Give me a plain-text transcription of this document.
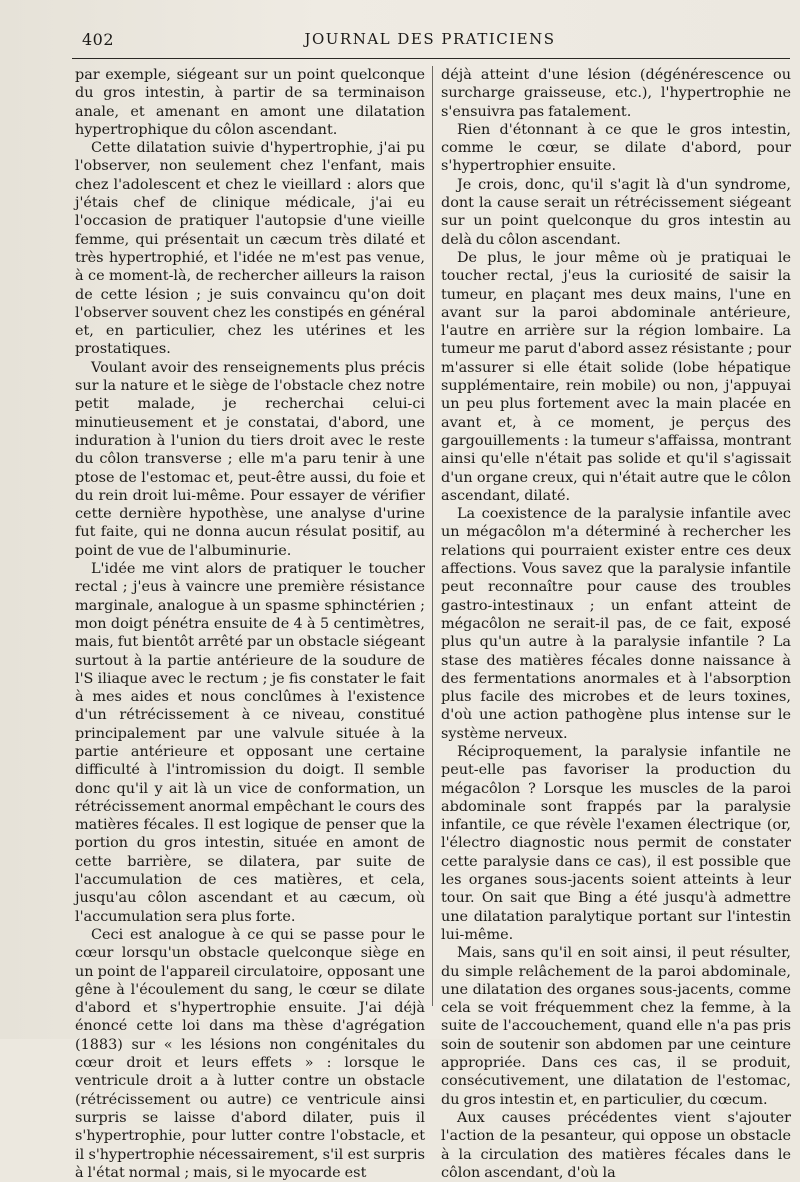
402	JOURNAL DES PRATICIENS

par exemple, siégeant sur un point quelconque du gros intestin, à partir de sa terminaison anale, et amenant en amont une dilatation hypertrophique du côlon ascendant.

Cette dilatation suivie d'hypertrophie, j'ai pu l'observer, non seulement chez l'enfant, mais chez l'adolescent et chez le vieillard : alors que j'étais chef de clinique médicale, j'ai eu l'occasion de pratiquer l'autopsie d'une vieille femme, qui présentait un cæcum très dilaté et très hypertrophié, et l'idée ne m'est pas venue, à ce moment-là, de rechercher ailleurs la raison de cette lésion ; je suis convaincu qu'on doit l'observer souvent chez les constipés en général et, en particulier, chez les utérines et les prostatiques.

Voulant avoir des renseignements plus précis sur la nature et le siège de l'obstacle chez notre petit malade, je recherchai celui-ci minutieusement et je constatai, d'abord, une induration à l'union du tiers droit avec le reste du côlon transverse ; elle m'a paru tenir à une ptose de l'estomac et, peut-être aussi, du foie et du rein droit lui-même. Pour essayer de vérifier cette dernière hypothèse, une analyse d'urine fut faite, qui ne donna aucun résulat positif, au point de vue de l'albuminurie.

L'idée me vint alors de pratiquer le toucher rectal ; j'eus à vaincre une première résistance marginale, analogue à un spasme sphinctérien ; mon doigt pénétra ensuite de 4 à 5 centimètres, mais, fut bientôt arrêté par un obstacle siégeant surtout à la partie antérieure de la soudure de l'S iliaque avec le rectum ; je fis constater le fait à mes aides et nous conclûmes à l'existence d'un rétrécissement à ce niveau, constitué principalement par une valvule située à la partie antérieure et opposant une certaine difficulté à l'intromission du doigt. Il semble donc qu'il y ait là un vice de conformation, un rétrécissement anormal empêchant le cours des matières fécales. Il est logique de penser que la portion du gros intestin, située en amont de cette barrière, se dilatera, par suite de l'accumulation de ces matières, et cela, jusqu'au côlon ascendant et au cæcum, où l'accumulation sera plus forte.

Ceci est analogue à ce qui se passe pour le cœur lorsqu'un obstacle quelconque siège en un point de l'appareil circulatoire, opposant une gêne à l'écoulement du sang, le cœur se dilate d'abord et s'hypertrophie ensuite. J'ai déjà énoncé cette loi dans ma thèse d'agrégation (1883) sur « les lésions non congénitales du cœur droit et leurs effets » : lorsque le ventricule droit a à lutter contre un obstacle (rétrécissement ou autre) ce ventricule ainsi surpris se laisse d'abord dilater, puis il s'hypertrophie, pour lutter contre l'obstacle, et il s'hypertrophie nécessairement, s'il est surpris à l'état normal ; mais, si le myocarde est

déjà atteint d'une lésion (dégénérescence ou surcharge graisseuse, etc.), l'hypertrophie ne s'ensuivra pas fatalement.

Rien d'étonnant à ce que le gros intestin, comme le cœur, se dilate d'abord, pour s'hypertrophier ensuite.

Je crois, donc, qu'il s'agit là d'un syndrome, dont la cause serait un rétrécissement siégeant sur un point quelconque du gros intestin au delà du côlon ascendant.

De plus, le jour même où je pratiquai le toucher rectal, j'eus la curiosité de saisir la tumeur, en plaçant mes deux mains, l'une en avant sur la paroi abdominale antérieure, l'autre en arrière sur la région lombaire. La tumeur me parut d'abord assez résistante ; pour m'assurer si elle était solide (lobe hépatique supplémentaire, rein mobile) ou non, j'appuyai un peu plus fortement avec la main placée en avant et, à ce moment, je perçus des gargouillements : la tumeur s'affaissa, montrant ainsi qu'elle n'était pas solide et qu'il s'agissait d'un organe creux, qui n'était autre que le côlon ascendant, dilaté.

La coexistence de la paralysie infantile avec un mégacôlon m'a déterminé à rechercher les relations qui pourraient exister entre ces deux affections. Vous savez que la paralysie infantile peut reconnaître pour cause des troubles gastro-intestinaux ; un enfant atteint de mégacôlon ne serait-il pas, de ce fait, exposé plus qu'un autre à la paralysie infantile ? La stase des matières fécales donne naissance à des fermentations anormales et à l'absorption plus facile des microbes et de leurs toxines, d'où une action pathogène plus intense sur le système nerveux.

Réciproquement, la paralysie infantile ne peut-elle pas favoriser la production du mégacôlon ? Lorsque les muscles de la paroi abdominale sont frappés par la paralysie infantile, ce que révèle l'examen électrique (or, l'électro diagnostic nous permit de constater cette paralysie dans ce cas), il est possible que les organes sous-jacents soient atteints à leur tour. On sait que Bing a été jusqu'à admettre une dilatation paralytique portant sur l'intestin lui-même.

Mais, sans qu'il en soit ainsi, il peut résulter, du simple relâchement de la paroi abdominale, une dilatation des organes sous-jacents, comme cela se voit fréquemment chez la femme, à la suite de l'accouchement, quand elle n'a pas pris soin de soutenir son abdomen par une ceinture appropriée. Dans ces cas, il se produit, consécutivement, une dilatation de l'estomac, du gros intestin et, en particulier, du cœcum.

Aux causes précédentes vient s'ajouter l'action de la pesanteur, qui oppose un obstacle à la circulation des matières fécales dans le côlon ascendant, d'où la
